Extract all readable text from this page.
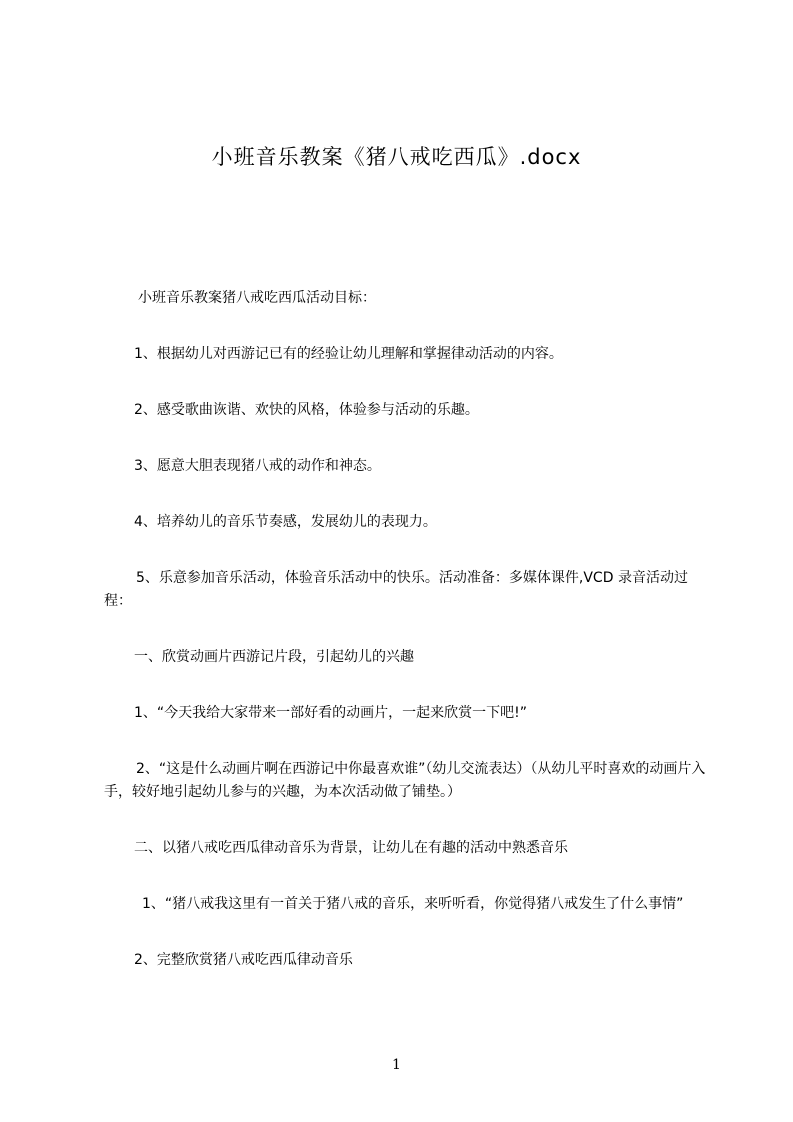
小班音乐教案《猪八戒吃西瓜》.docx

小班音乐教案猪八戒吃西瓜活动目标：

1、根据幼儿对西游记已有的经验让幼儿理解和掌握律动活动的内容。

2、感受歌曲诙谐、欢快的风格，体验参与活动的乐趣。

3、愿意大胆表现猪八戒的动作和神态。

4、培养幼儿的音乐节奏感，发展幼儿的表现力。

5、乐意参加音乐活动，体验音乐活动中的快乐。活动准备：多媒体课件,VCD 录音活动过程：

一、欣赏动画片西游记片段，引起幼儿的兴趣

1、“今天我给大家带来一部好看的动画片，一起来欣赏一下吧!”

2、“这是什么动画片啊在西游记中你最喜欢谁”（幼儿交流表达）（从幼儿平时喜欢的动画片入手，较好地引起幼儿参与的兴趣，为本次活动做了铺垫。）

二、以猪八戒吃西瓜律动音乐为背景，让幼儿在有趣的活动中熟悉音乐

1、“猪八戒我这里有一首关于猪八戒的音乐，来听听看，你觉得猪八戒发生了什么事情”

2、完整欣赏猪八戒吃西瓜律动音乐

1
